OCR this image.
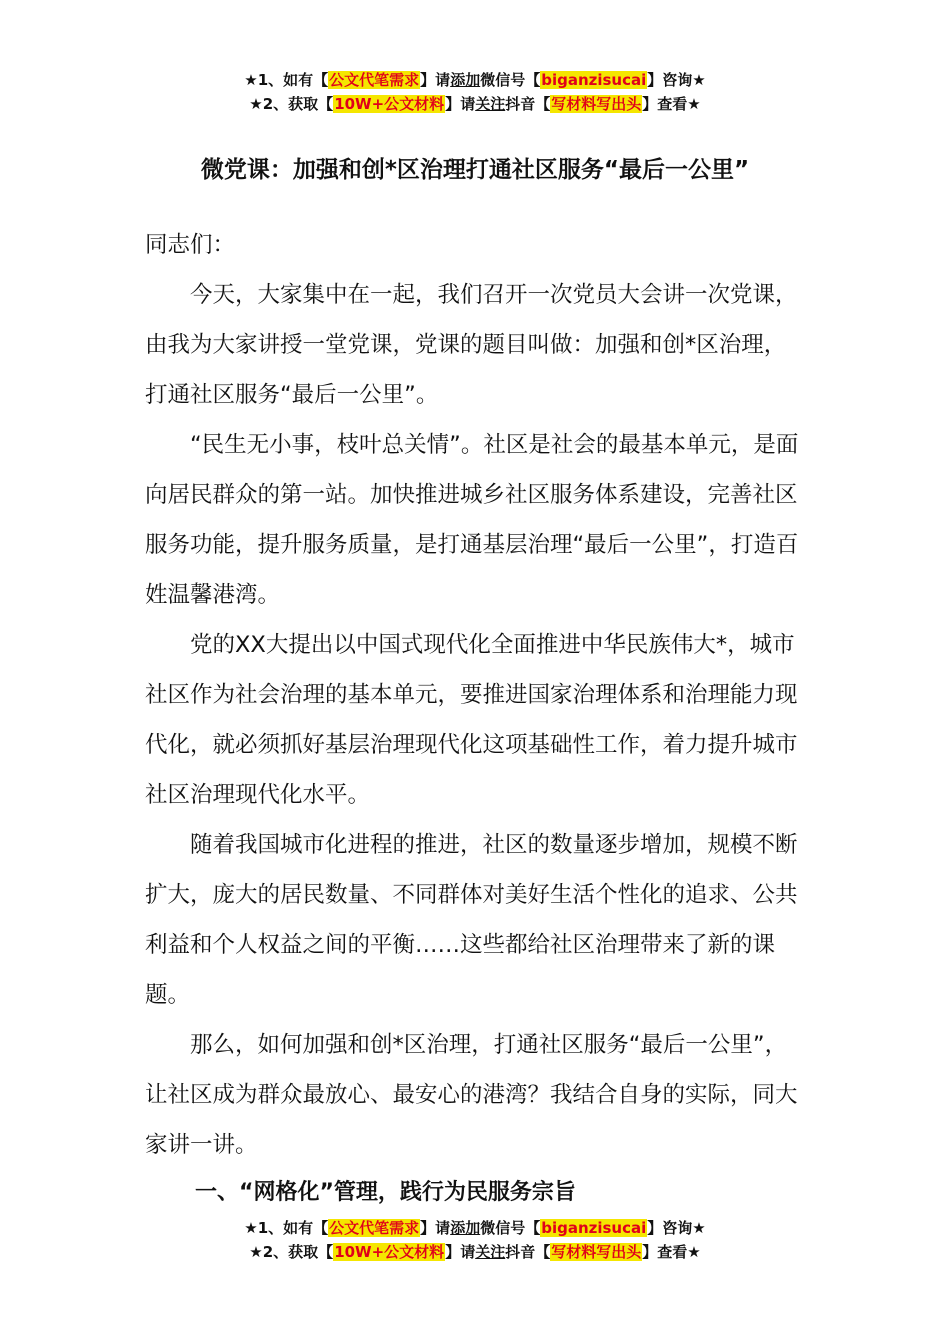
★1、如有【公文代笔需求】请添加微信号【biganzisucai】咨询★
★2、获取【10W+公文材料】请关注抖音【写材料写出头】查看★
微党课：加强和创*区治理打通社区服务“最后一公里”

同志们：

今天，大家集中在一起，我们召开一次党员大会讲一次党课，由我为大家讲授一堂党课，党课的题目叫做：加强和创*区治理，打通社区服务“最后一公里”。

“民生无小事，枝叶总关情”。社区是社会的最基本单元，是面向居民群众的第一站。加快推进城乡社区服务体系建设，完善社区服务功能，提升服务质量，是打通基层治理“最后一公里”，打造百姓温馨港湾。

党的XX大提出以中国式现代化全面推进中华民族伟大*，城市社区作为社会治理的基本单元，要推进国家治理体系和治理能力现代化，就必须抓好基层治理现代化这项基础性工作，着力提升城市社区治理现代化水平。

随着我国城市化进程的推进，社区的数量逐步增加，规模不断扩大，庞大的居民数量、不同群体对美好生活个性化的追求、公共利益和个人权益之间的平衡……这些都给社区治理带来了新的课题。

那么，如何加强和创*区治理，打通社区服务“最后一公里”，让社区成为群众最放心、最安心的港湾？我结合自身的实际，同大家讲一讲。

一、“网格化”管理，践行为民服务宗旨
★1、如有【公文代笔需求】请添加微信号【biganzisucai】咨询★
★2、获取【10W+公文材料】请关注抖音【写材料写出头】查看★
